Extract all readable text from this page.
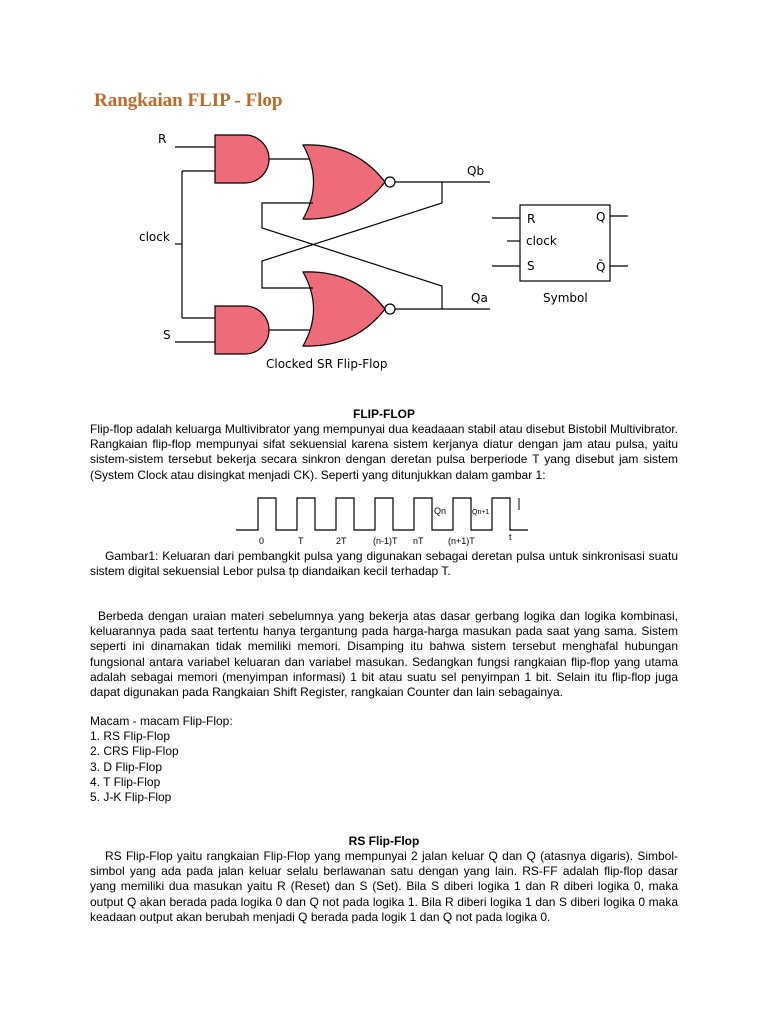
Rangkaian FLIP - Flop
R
clock
S
Qb
Qa
Clocked SR Flip-Flop
R
clock
S
Q
Q̄
Symbol
FLIP-FLOP

Flip-flop adalah keluarga Multivibrator yang mempunyai dua keadaaan stabil atau disebut Bistobil Multivibrator. Rangkaian flip-flop mempunyai sifat sekuensial karena sistem kerjanya diatur dengan jam atau pulsa, yaitu sistem-sistem tersebut bekerja secara sinkron dengan deretan pulsa berperiode T yang disebut jam sistem (System Clock atau disingkat menjadi CK). Seperti yang ditunjukkan dalam gambar 1:

Qn	Qn+1
0	T	2T	(n-1)T nT	(n+1)T	t

Gambar1: Keluaran dari pembangkit pulsa yang digunakan sebagai deretan pulsa untuk sinkronisasi suatu sistem digital sekuensial Lebor pulsa tp diandaikan kecil terhadap T.

Berbeda dengan uraian materi sebelumnya yang bekerja atas dasar gerbang logika dan logika kombinasi, keluarannya pada saat tertentu hanya tergantung pada harga-harga masukan pada saat yang sama. Sistem seperti ini dinamakan tidak memiliki memori. Disamping itu bahwa sistem tersebut menghafal hubungan fungsional antara variabel keluaran dan variabel masukan. Sedangkan fungsi rangkaian flip-flop yang utama adalah sebagai memori (menyimpan informasi) 1 bit atau suatu sel penyimpan 1 bit. Selain itu flip-flop juga dapat digunakan pada Rangkaian Shift Register, rangkaian Counter dan lain sebagainya.

Macam - macam Flip-Flop:
1. RS Flip-Flop
2. CRS Flip-Flop
3. D Flip-Flop
4. T Flip-Flop
5. J-K Flip-Flop
RS Flip-Flop

RS Flip-Flop yaitu rangkaian Flip-Flop yang mempunyai 2 jalan keluar Q dan Q (atasnya digaris). Simbol-simbol yang ada pada jalan keluar selalu berlawanan satu dengan yang lain. RS-FF adalah flip-flop dasar yang memiliki dua masukan yaitu R (Reset) dan S (Set). Bila S diberi logika 1 dan R diberi logika 0, maka output Q akan berada pada logika 0 dan Q not pada logika 1. Bila R diberi logika 1 dan S diberi logika 0 maka keadaan output akan berubah menjadi Q berada pada logik 1 dan Q not pada logika 0.
